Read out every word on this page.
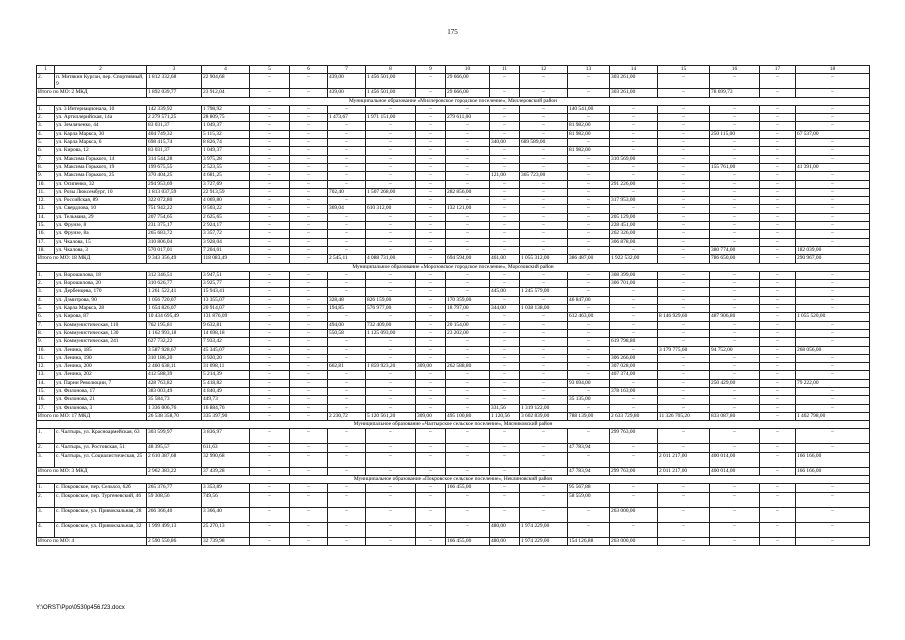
175
1	2	3	4	5	6	7	8	9	10	11	12	13	14	15	16	17	18
2.	п. Митякин Курган, пер. Спортивный, 9	1 812 332,68	22 904,68	–	–	439,00	1 456 501,00	–	29 666,00	–	–	–	303 261,00	–	–	–	–
Итого по МО: 2 МКД		1 892 039,77	23 912,04	–	–	439,00	1 456 501,00	–	29 666,00	–	–	–	303 261,00	–	78 699,73	–	–
Муниципальное образование «Миллеровское городское поселение», Миллеровский район																	
1.	ул. 3 Интернационала, 10	142 339,92	1 798,92	–	–	–	–	–	–	–	–	140 541,00	–	–	–	–	–
2.	ул. Артиллерийская, 14а	2 279 571,25	28 809,75	–	–	1 473,67	1 971 151,00	–	279 611,00	–	–	–	–	–	–	–	–
3.	ул. Земляченко, 44	83 031,37	1 049,37	–	–	–	–	–	–	–	–	81 982,00	–	–	–	–	–
4.	ул. Карла Маркса, 30	404 749,32	5 115,32	–	–	–	–	–	–	–	–	81 982,00	–	–	250 115,00	–	67 537,00
5.	ул. Карла Маркса, 6	698 415,74	8 826,74	–	–	–	–	–	–	340,00	689 589,00	–	–	–	–	–	–
6.	ул. Кирова, 12	83 031,37	1 049,37	–	–	–	–	–	–	–	–	81 982,00	–	–	–	–	–
7.	ул. Максима Горького, 14	314 544,28	3 975,28	–	–	–	–	–	–	–	–	–	310 569,00	–	–	–	–
8.	ул. Максима Горького, 19	199 675,55	2 523,55	–	–	–	–	–	–	–	–	–	–	–	155 761,00	–	41 391,00
9.	ул. Максима Горького, 25	370 404,25	4 681,25	–	–	–	–	–	–	121,00	365 723,00	–	–	–	–	–	–
10.	ул. Осипенко, 32	294 953,69	3 727,69	–	–	–	–	–	–	–	–	–	291 226,00	–	–	–	–
11.	ул. Розы Люксембург, 10	1 813 037,59	22 913,59	–	–	702,40	1 507 268,00	–	282 856,00	–	–	–	–	–	–	–	–
12.	ул. Российская, 89	322 072,80	4 069,80	–	–	–	–	–	–	–	–	–	317 953,00	–	–	–	–
13.	ул. Свердлова, 10	751 942,22	9 503,22	–	–	369,04	610 312,00	–	132 121,00	–	–	–	–	–	–	–	–
14.	ул. Тельмана, 29	207 754,65	2 625,65	–	–	–	–	–	–	–	–	–	205 129,00	–	–	–	–
15.	ул. Фрунзе, 8	231 375,17	2 924,17	–	–	–	–	–	–	–	–	–	228 451,00	–	–	–	–
16.	ул. Фрунзе, 8а	265 683,72	3 357,72	–	–	–	–	–	–	–	–	–	262 326,00	–	–	–	–
17.	ул. Чкалова, 15	310 806,04	3 928,04	–	–	–	–	–	–	–	–	–	306 878,00	–	–	–	–
18.	ул. Чкалова, 3	570 017,01	7 204,01	–	–	–	–	–	–	–	–	–	–	–	380 774,00	–	182 039,00
Итого по МО: 18 МКД		9 343 356,49	118 083,49	–	–	2 545,11	4 088 731,00	–	694 594,00	461,00	1 055 312,00	386 487,00	1 922 532,00	–	786 650,00	–	290 967,00
Муниципальное образование «Морозовское городское поселение», Морозовский район																	
1.	ул. Ворошилова, 18	312 346,51	3 947,51	–	–	–	–	–	–	–	–	–	308 399,00	–	–	–	–
2.	ул. Ворошилова, 20	310 626,77	3 925,77	–	–	–	–	–	–	–	–	–	306 701,00	–	–	–	–
3.	ул. Дербенцева, 170	1 261 522,41	15 943,41	–	–	–	–	–	–	445,00	1 245 579,00	–	–	–	–	–	–
4.	ул. Дзмитрова, 90	1 056 720,07	13 355,07	–	–	328,48	826 159,00	–	170 359,00	–	–	46 847,00	–	–	–	–	–
5.	ул. Карла Маркса, 28	1 654 826,07	20 914,07	–	–	194,85	576 977,00	–	18 797,00	344,00	1 038 138,00	–	–	–	–	–	–
6.	ул. Кирова, 87	10 434 695,49	131 876,09	–	–	–	–	–	–	–	–	612 463,00	–	8 146 929,60	487 906,80	–	1 055 520,00
7.	ул. Коммунистическая, 110	762 195,81	9 632,81	–	–	494,00	732 409,00	–	20 154,00	–	–	–	–	–	–	–	–
8.	ул. Коммунистическая, 130	1 162 993,18	14 698,18	–	–	550,58	1 125 093,00	–	23 202,00	–	–	–	–	–	–	–	–
9.	ул. Коммунистическая, 241	627 732,22	7 933,42	–	–	–	–	–	–	–	–	–	619 798,80	–	–	–	–
10.	ул. Ленина, 185	3 587 928,67	45 345,07	–	–	–	–	–	–	–	–	–	–	3 179 775,60	94 752,00	–	268 056,00
11.	ул. Ленина, 190	310 186,20	3 920,20	–	–	–	–	–	–	–	–	–	306 266,00	–	–	–	–
12.	ул. Ленина, 200	2 460 638,11	31 098,11	–	–	662,81	1 859 923,20	309,00	262 588,80	–	–	–	307 028,00	–	–	–	–
13.	ул. Ленина, 202	412 588,39	5 214,39	–	–	–	–	–	–	–	–	–	407 374,00	–	–	–	–
14.	ул. Парни Революции, 7	428 763,82	5 418,82	–	–	–	–	–	–	–	–	93 694,00	–	–	250 429,00	–	79 222,00
15.	ул. Филонова, 17	383 003,49	4 840,49	–	–	–	–	–	–	–	–	–	378 163,00	–	–	–	–
16.	ул. Филонова, 21	35 584,73	449,73	–	–	–	–	–	–	–	–	35 135,00	–	–	–	–	–
17.	ул. Филонова, 3	1 336 006,76	16 884,76	–	–	–	–	–	–	331,56	1 319 122,00	–	–	–	–	–	–
Итого по МО: 17 МКД		26 538 358,70	335 397,90	–	–	2 230,72	5 120 561,20	309,00	495 100,80	1 120,56	3 602 839,00	788 139,00	2 633 729,80	11 326 705,20	833 087,80	–	1 402 798,00
Муниципальное образование «Чалтырское сельское поселение», Мясниковский район																	
1.	с. Чалтырь, ул. Красноармейская, 63	303 599,97	3 836,97	–	–	–	–	–	–	–	–	–	299 763,00	–	–	–	–
2.	с. Чалтырь, ул. Ростовская, 51	48 395,57	611,63	–	–	–	–	–	–	–	–	47 783,94	–	–	–	–	–
3.	с. Чалтырь, ул. Социалистическая, 25	2 610 387,68	32 990,68	–	–	–	–	–	–	–	–	–	–	2 011 217,00	400 014,00	–	166 166,00
Итого по МО: 3 МКД		2 962 383,22	37 439,28	–	–	–	–	–	–	–	–	47 783,94	299 763,00	2 011 217,00	400 014,00	–	166 166,00
Муниципальное образование «Покровское сельское поселение», Неклиновский район																	
1.	с. Покровское, пер. Сельхоз, 62б	265 376,77	3 353,89	–	–	–	–	–	166 455,00	–	–	95 567,88	–	–	–	–	–
2.	с. Покровское, пер. Тургеневский, 46	59 308,56	749,56	–	–	–	–	–	–	–	–	58 559,00	–	–	–	–	–
3.	с. Покровское, ул. Привокзальная, 28	266 366,40	3 366,40	–	–	–	–	–	–	–	–	–	263 000,00	–	–	–	–
4.	с. Покровское, ул. Привокзальная, 32	1 999 499,13	25 270,13	–	–	–	–	–	–	480,00	1 974 229,00	–	–	–	–	–	–
Итого по МО: 4		2 590 550,86	32 739,98	–	–	–	–	–	166 455,00	480,00	1 974 229,00	154 126,88	263 000,00	–	–	–	–
Y:\ORST\Ppo\0530p456.f23.docx
